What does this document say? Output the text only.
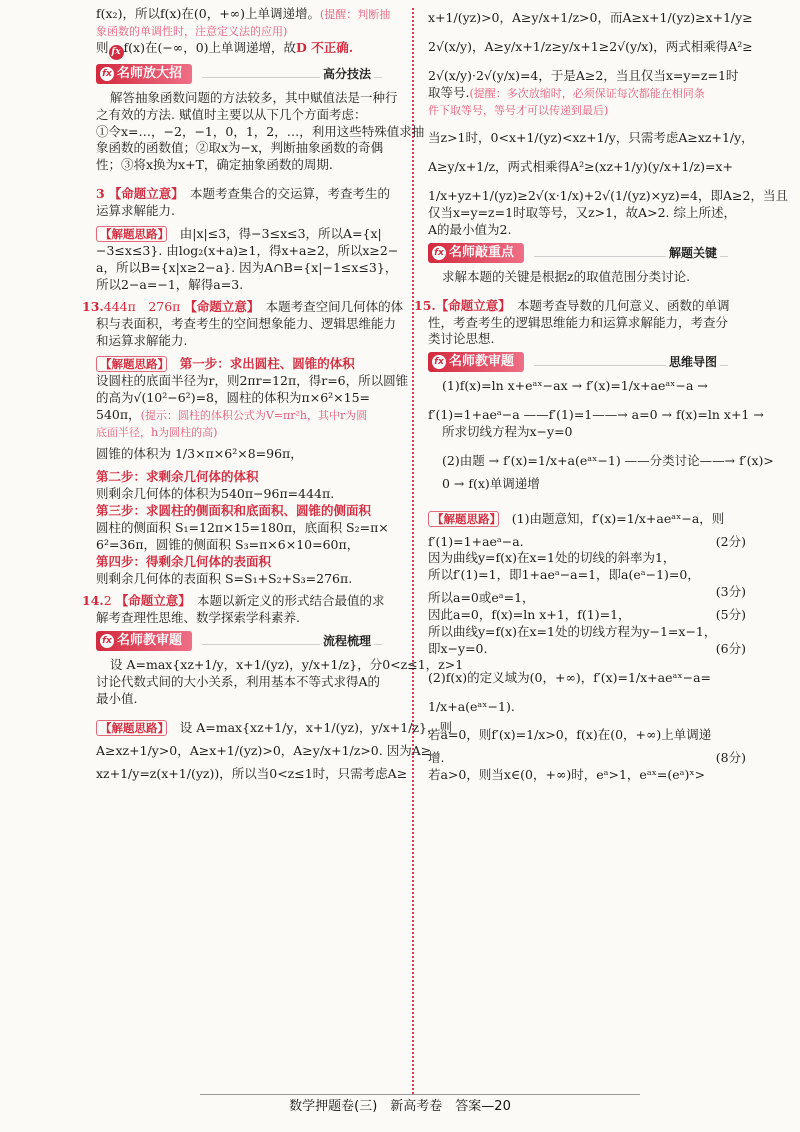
f(x₂)，所以f(x)在(0，+∞)上单调递增。(提醒：判断抽

象函数的单调性时，注意定义法的应用)

则 fx f(x)在(−∞，0)上单调递增，故D 不正确.

fx 名师放大招	高分技法

解答抽象函数问题的方法较多，其中赋值法是一种行

之有效的方法. 赋值时主要以从下几个方面考虑：

①令x=…，−2，−1，0，1，2，…，利用这些特殊值求抽

象函数的函数值；②取x为−x，判断抽象函数的奇偶

性；③将x换为x+T，确定抽象函数的周期.

3 【命题立意】　 本题考查集合的交运算，考查考生的

运算求解能力.

【解题思路】　 由|x|≤3，得−3≤x≤3，所以A={x|

−3≤x≤3}. 由log₂(x+a)≥1，得x+a≥2，所以x≥2−

a，所以B={x|x≥2−a}. 因为A∩B={x|−1≤x≤3}，

所以2−a=−1，解得a=3.

13.444π　276π 【命题立意】　 本题考查空间几何体的体

积与表面积，考查考生的空间想象能力、逻辑思维能力

和运算求解能力.

【解题思路】　 第一步：求出圆柱、圆锥的体积

设圆柱的底面半径为r，则2πr=12π，得r=6，所以圆锥

的高为√(10²−6²)=8，圆柱的体积为π×6²×15=

540π，(提示：圆柱的体积公式为V=πr²h，其中r为圆

底面半径，h为圆柱的高)

圆锥的体积为 1/3×π×6²×8=96π，

第二步：求剩余几何体的体积

则剩余几何体的体积为540π−96π=444π.

第三步：求圆柱的侧面积和底面积、圆锥的侧面积

圆柱的侧面积 S₁=12π×15=180π，底面积 S₂=π×

6²=36π，圆锥的侧面积 S₃=π×6×10=60π，

第四步：得剩余几何体的表面积

则剩余几何体的表面积 S=S₁+S₂+S₃=276π.

14.2 【命题立意】　 本题以新定义的形式结合最值的求

解考查理性思维、数学探索学科素养.

fx 名师教审题	流程梳理

设 A=max{xz+1/y，x+1/(yz)，y/x+1/z}，分0<z≤1，z>1

讨论代数式间的大小关系，利用基本不等式求得A的

最小值.

【解题思路】　 设 A=max{xz+1/y，x+1/(yz)，y/x+1/z}，则

A≥xz+1/y>0，A≥x+1/(yz)>0，A≥y/x+1/z>0. 因为A≥

xz+1/y=z(x+1/(yz))，所以当0<z≤1时，只需考虑A≥

x+1/(yz)>0，A≥y/x+1/z>0，而A≥x+1/(yz)≥x+1/y≥

2√(x/y)，A≥y/x+1/z≥y/x+1≥2√(y/x)，两式相乘得A²≥

2√(x/y)·2√(y/x)=4，于是A≥2，当且仅当x=y=z=1时

取等号.(提醒：多次放缩时，必须保证每次都能在相同条

件下取等号，等号才可以传递到最后)

当z>1时，0<x+1/(yz)<xz+1/y，只需考虑A≥xz+1/y，

A≥y/x+1/z，两式相乘得A²≥(xz+1/y)(y/x+1/z)=x+

1/x+yz+1/(yz)≥2√(x·1/x)+2√(1/(yz)×yz)=4，即A≥2，当且

仅当x=y=z=1时取等号，又z>1，故A>2. 综上所述，

A的最小值为2.

fx 名师敲重点	解题关键

求解本题的关键是根据z的取值范围分类讨论.

15.【命题立意】　 本题考查导数的几何意义、函数的单调

性，考查考生的逻辑思维能力和运算求解能力，考查分

类讨论思想.

fx 名师教审题	思维导图

(1)f(x)=ln x+eᵃˣ−ax → f′(x)=1/x+aeᵃˣ−a →

f′(1)=1+aeᵃ−a ——f′(1)=1——→ a=0 → f(x)=ln x+1 →

所求切线方程为x−y=0

(2)由题 → f′(x)=1/x+a(eᵃˣ−1) ——分类讨论——→ f′(x)>

0 → f(x)单调递增

【解题思路】　 (1)由题意知，f′(x)=1/x+aeᵃˣ−a，则

f′(1)=1+aeᵃ−a.	(2分)

因为曲线y=f(x)在x=1处的切线的斜率为1，

所以f′(1)=1，即1+aeᵃ−a=1，即a(eᵃ−1)=0，

(3分)

所以a=0或eᵃ=1，

因此a=0，f(x)=ln x+1，f(1)=1，	(5分)

所以曲线y=f(x)在x=1处的切线方程为y−1=x−1，

即x−y=0.	(6分)

(2)f(x)的定义域为(0，+∞)，f′(x)=1/x+aeᵃˣ−a=

1/x+a(eᵃˣ−1).

若a=0，则f′(x)=1/x>0，f(x)在(0，+∞)上单调递

增.	(8分)

若a>0，则当x∈(0，+∞)时，eᵃ>1，eᵃˣ=(eᵃ)ˣ>

数学押题卷(三)　新高考卷　答案—20
